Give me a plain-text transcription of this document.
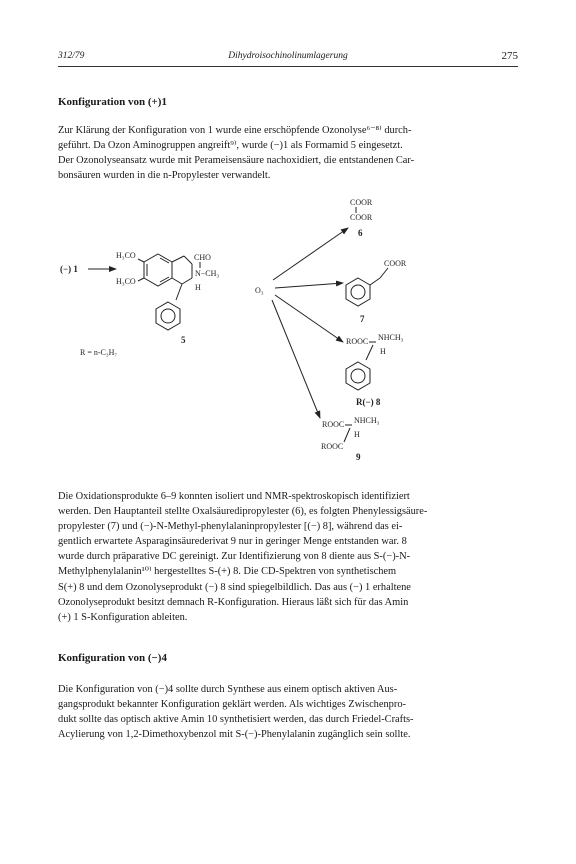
312/79	Dihydroisochinolinumlagerung	275
Konfiguration von (+)1
Zur Klärung der Konfiguration von 1 wurde eine erschöpfende Ozonolyse⁶⁻⁸⁾ durch-
geführt. Da Ozon Aminogruppen angreift⁹⁾, wurde (−)1 als Formamid 5 eingesetzt.
Der Ozonolyseansatz wurde mit Perameisensäure nachoxidiert, die entstandenen Car-
bonsäuren wurden in die n-Propylester verwandelt.
(−) 1
H₃CO
H₃CO
CHO
N−CH₃
H
5
R = n-C₃H₇
O₃
COOR
COOR
6
COOR
7
ROOC NHCH₃
H
R(−) 8
ROOC NHCH₃
H
ROOC
9
Die Oxidationsprodukte 6–9 konnten isoliert und NMR-spektroskopisch identifiziert
werden. Den Hauptanteil stellte Oxalsäuredipropylester (6), es folgten Phenylessigsäure-
propylester (7) und (−)-N-Methyl-phenylalaninpropylester [(−) 8], während das ei-
gentlich erwartete Asparaginsäurederivat 9 nur in geringer Menge entstanden war. 8
wurde durch präparative DC gereinigt. Zur Identifizierung von 8 diente aus S-(−)-N-
Methylphenylalanin¹⁰⁾ hergestelltes S-(+) 8. Die CD-Spektren von synthetischem
S(+) 8 und dem Ozonolyseprodukt (−) 8 sind spiegelbildlich. Das aus (−) 1 erhaltene
Ozonolyseprodukt besitzt demnach R-Konfiguration. Hieraus läßt sich für das Amin
(+) 1 S-Konfiguration ableiten.
Konfiguration von (−)4
Die Konfiguration von (−)4 sollte durch Synthese aus einem optisch aktiven Aus-
gangsprodukt bekannter Konfiguration geklärt werden. Als wichtiges Zwischenpro-
dukt sollte das optisch aktive Amin 10 synthetisiert werden, das durch Friedel-Crafts-
Acylierung von 1,2-Dimethoxybenzol mit S-(−)-Phenylalanin zugänglich sein sollte.
